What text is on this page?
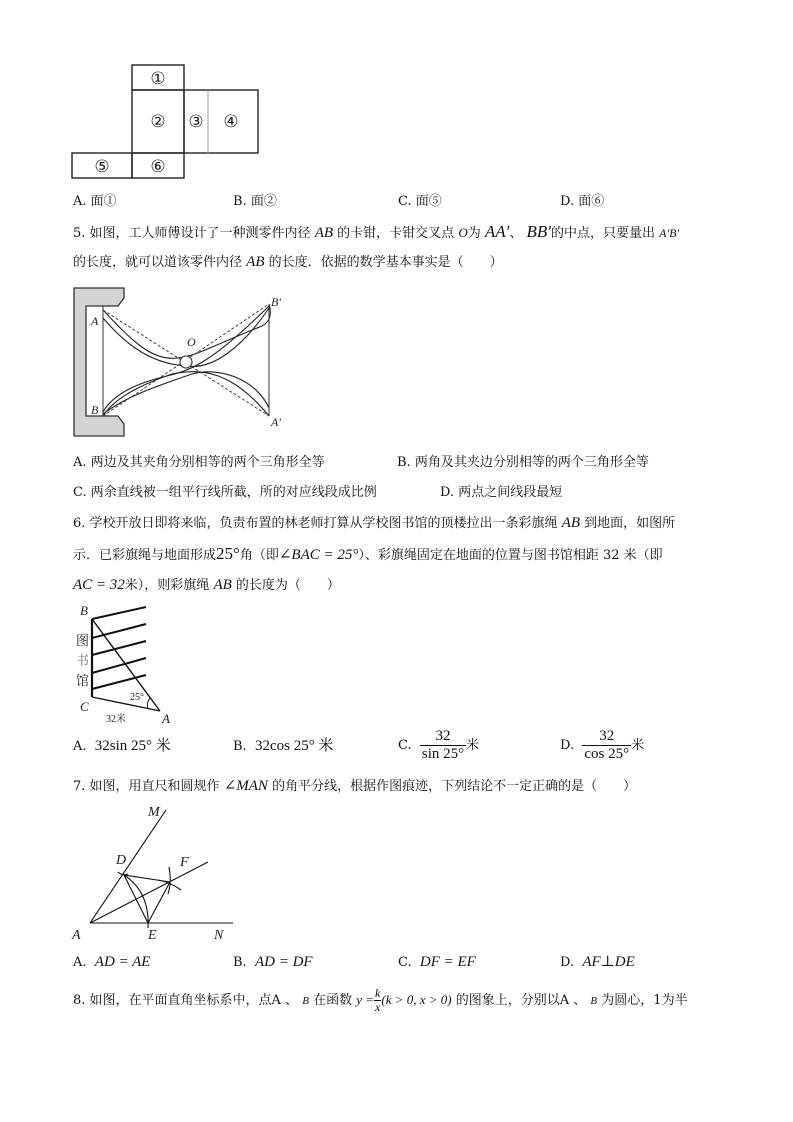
①
② ③ ④
⑤ ⑥
A. 面①	B. 面②	C. 面⑤	D. 面⑥
5. 如图，工人师傅设计了一种测零件内径 AB 的卡钳，卡钳交叉点 O为 AA′、 BB′的中点，只要量出 A′B′
的长度，就可以道该零件内径 AB 的长度．依据的数学基本事实是（　　）
A
B
O
B′
A′
A. 两边及其夹角分别相等的两个三角形全等	B. 两角及其夹边分别相等的两个三角形全等
C. 两余直线被一组平行线所截，所的对应线段成比例	D. 两点之间线段最短
6. 学校开放日即将来临，负责布置的林老师打算从学校图书馆的顶楼拉出一条彩旗绳 AB 到地面，如图所
示．已彩旗绳与地面形成25°角（即∠BAC = 25°）、彩旗绳固定在地面的位置与图书馆相距 32 米（即
AC = 32米），则彩旗绳 AB 的长度为（　　）
B
C
A
图
书
馆
32米
25°
A. 32sin 25° 米	B. 32cos 25° 米	C. $\frac{32}{\sin 25^\circ}$ 米	D. $\frac{32}{\cos 25^\circ}$ 米
7. 如图，用直尺和圆规作 ∠MAN 的角平分线，根据作图痕迹，下列结论不一定正确的是（　　）
M
D	F
A	E	N
A. AD = AE	B. AD = DF	C. DF = EF	D. AF⊥DE
8. 如图，在平面直角坐标系中，点A 、 B 在函数 $y = \frac{k}{x} (k > 0$, x > 0) 的图象上，分别以A 、 B 为圆心，1为半
